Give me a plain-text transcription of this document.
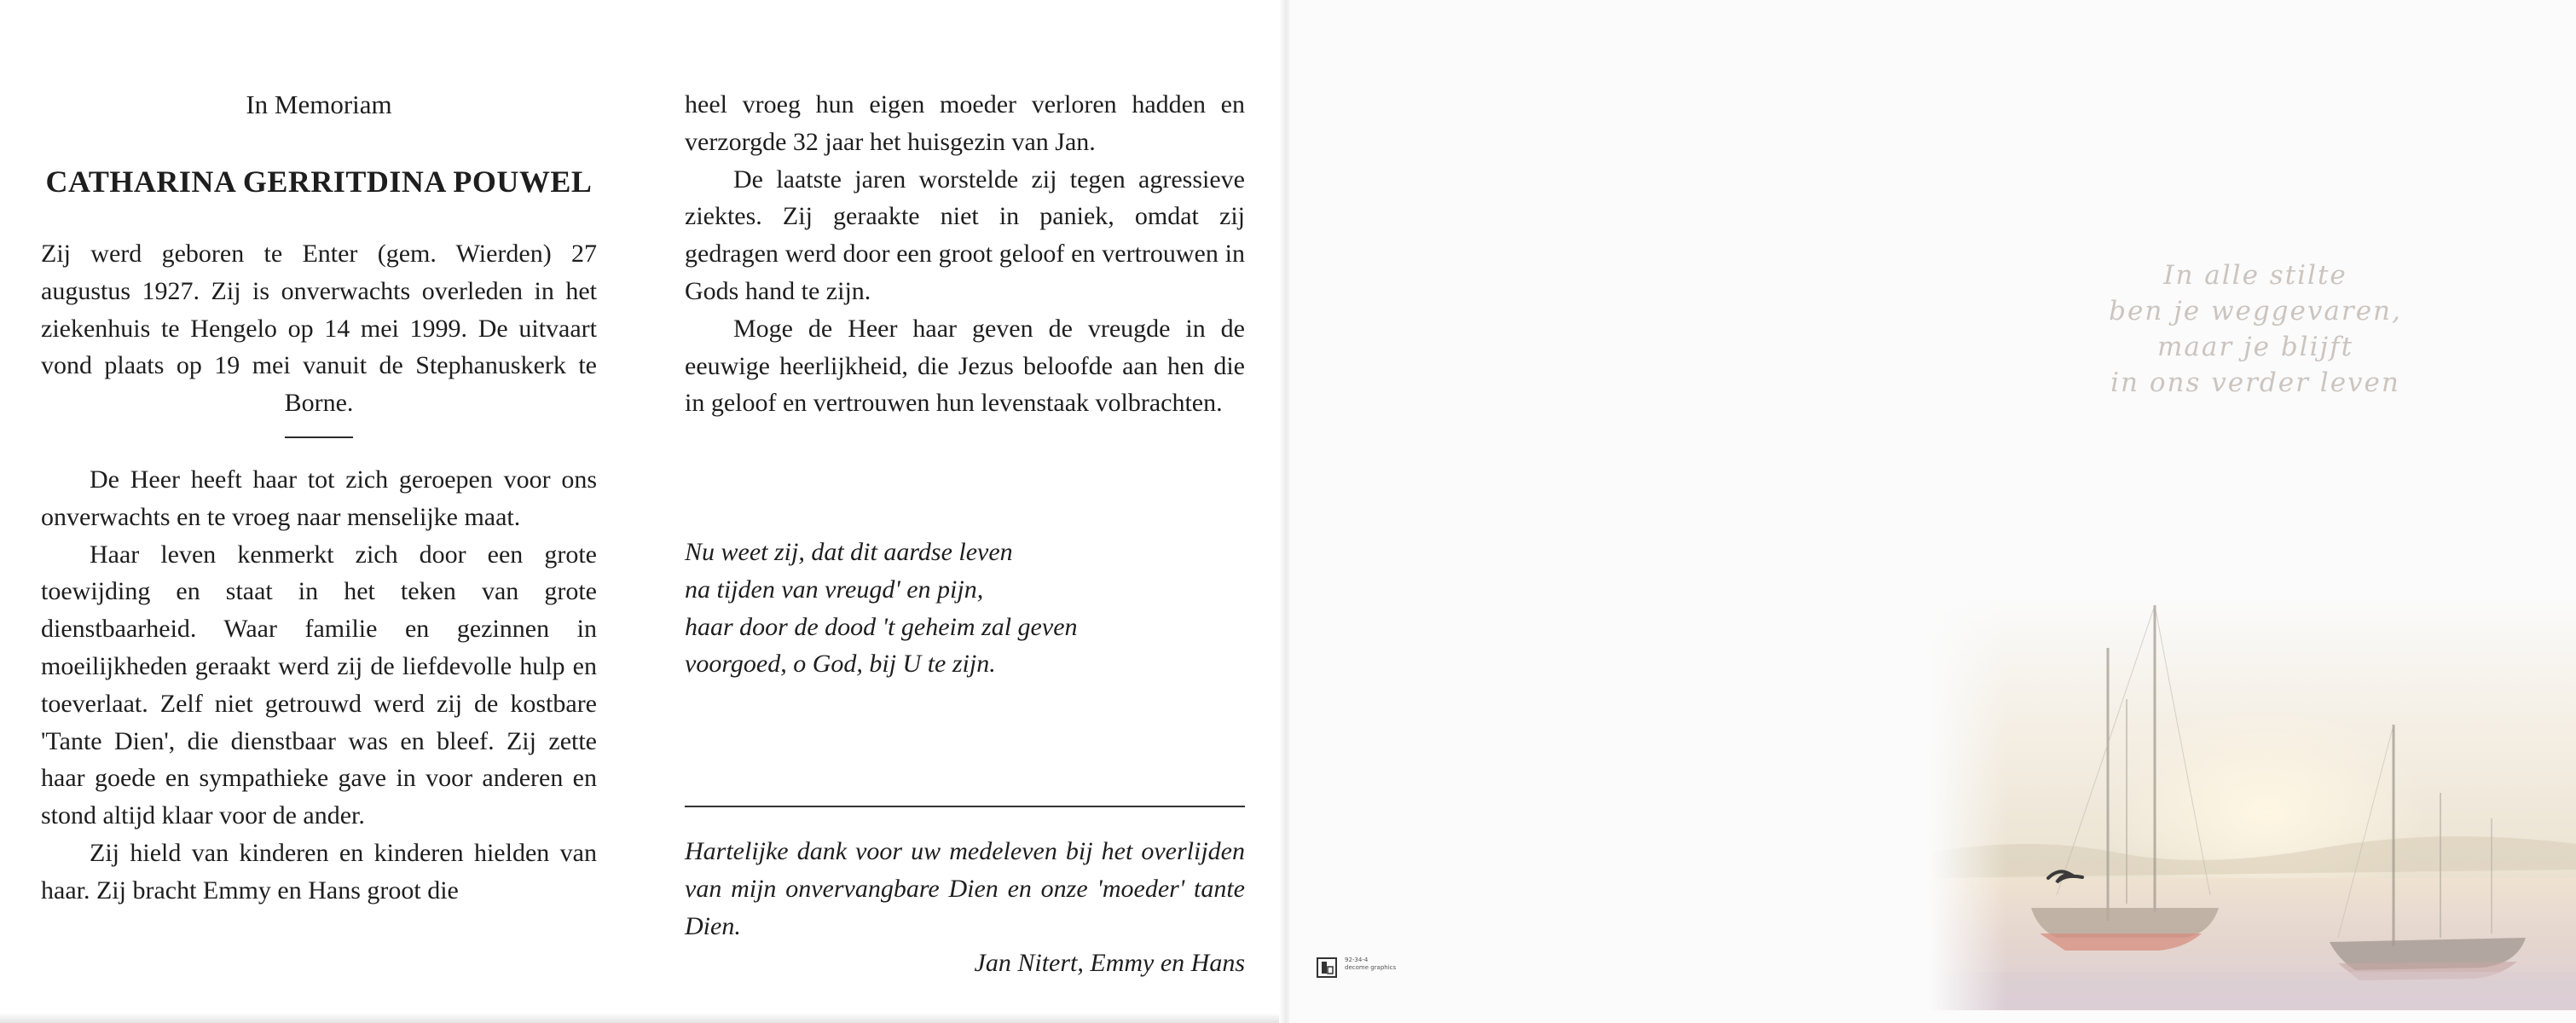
In Memoriam
CATHARINA GERRITDINA POUWEL

Zij werd geboren te Enter (gem. Wierden) 27 augustus 1927. Zij is onverwachts overleden in het ziekenhuis te Hengelo op 14 mei 1999. De uitvaart vond plaats op 19 mei vanuit de Stephanuskerk te Borne.

De Heer heeft haar tot zich geroepen voor ons onverwachts en te vroeg naar menselijke maat.

Haar leven kenmerkt zich door een grote toewijding en staat in het teken van grote dienstbaarheid. Waar familie en gezinnen in moeilijkheden geraakt werd zij de liefdevolle hulp en toeverlaat. Zelf niet getrouwd werd zij de kostbare 'Tante Dien', die dienstbaar was en bleef. Zij zette haar goede en sympathieke gave in voor anderen en stond altijd klaar voor de ander.

Zij hield van kinderen en kinderen hielden van haar. Zij bracht Emmy en Hans groot die

heel vroeg hun eigen moeder verloren hadden en verzorgde 32 jaar het huisgezin van Jan.

De laatste jaren worstelde zij tegen agressieve ziektes. Zij geraakte niet in paniek, omdat zij gedragen werd door een groot geloof en vertrouwen in Gods hand te zijn.

Moge de Heer haar geven de vreugde in de eeuwige heerlijkheid, die Jezus beloofde aan hen die in geloof en vertrouwen hun levenstaak volbrachten.

Nu weet zij, dat dit aardse leven
na tijden van vreugd' en pijn,
haar door de dood 't geheim zal geven
voorgoed, o God, bij U te zijn.

Hartelijke dank voor uw medeleven bij het overlijden van mijn onvervangbare Dien en onze 'moeder' tante Dien.

Jan Nitert, Emmy en Hans

In alle stilte
ben je weggevaren,
maar je blijft
in ons verder leven
92-34-4
decome graphics
